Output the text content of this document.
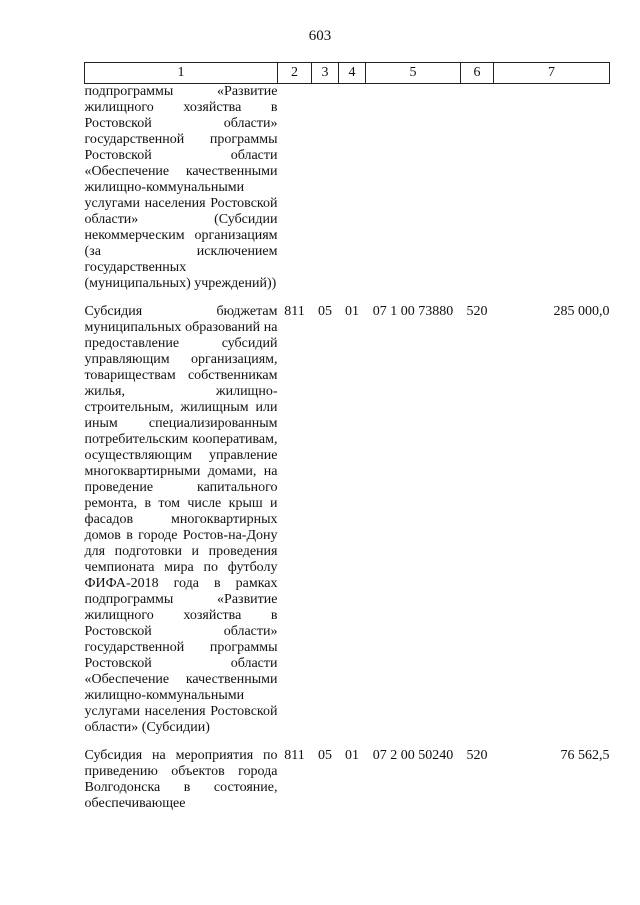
603
1	2	3	4	5	6	7
подпрограммы «Развитие жилищного хозяйства в Ростовской области» государственной программы Ростовской области «Обеспечение качественными жилищно-коммунальными услугами населения Ростовской области» (Субсидии некоммерческим организациям (за исключением государственных (муниципальных) учреждений))						

Субсидия бюджетам муниципальных образований на предоставление субсидий управляющим организациям, товариществам собственникам жилья, жилищно-строительным, жилищным или иным специализированным потребительским кооперативам, осуществляющим управление многоквартирными домами, на проведение капитального ремонта, в том числе крыш и фасадов многоквартирных домов в городе Ростов-на-Дону для подготовки и проведения чемпионата мира по футболу ФИФА-2018 года в рамках подпрограммы «Развитие жилищного хозяйства в Ростовской области» государственной программы Ростовской области «Обеспечение качественными жилищно-коммунальными услугами населения Ростовской области» (Субсидии)	811	05	01	07 1 00 73880	520	285 000,0

Субсидия на мероприятия по приведению объектов города Волгодонска в состояние, обеспечивающее	811	05	01	07 2 00 50240	520	76 562,5
